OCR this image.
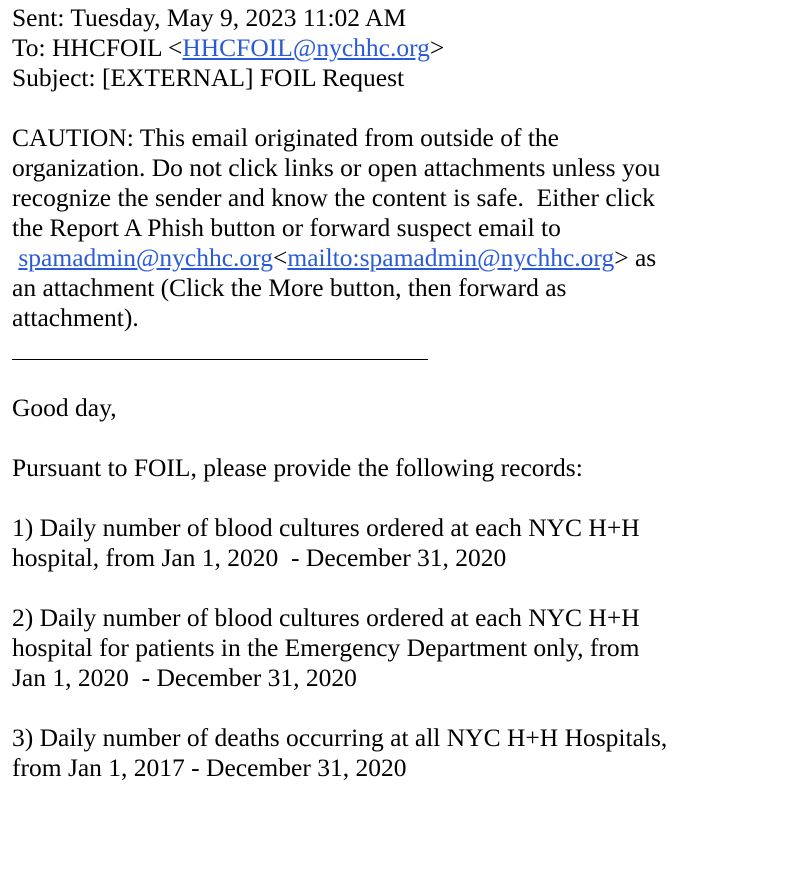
Sent: Tuesday, May 9, 2023 11:02 AM
To: HHCFOIL <HHCFOIL@nychhc.org>
Subject: [EXTERNAL] FOIL Request
CAUTION: This email originated from outside of the
organization. Do not click links or open attachments unless you
recognize the sender and know the content is safe.  Either click
the Report A Phish button or forward suspect email to
spamadmin@nychhc.org<mailto:spamadmin@nychhc.org> as
an attachment (Click the More button, then forward as
attachment).
Good day,
Pursuant to FOIL, please provide the following records:
1) Daily number of blood cultures ordered at each NYC H+H
hospital, from Jan 1, 2020  - December 31, 2020
2) Daily number of blood cultures ordered at each NYC H+H
hospital for patients in the Emergency Department only, from
Jan 1, 2020  - December 31, 2020
3) Daily number of deaths occurring at all NYC H+H Hospitals,
from Jan 1, 2017 - December 31, 2020
